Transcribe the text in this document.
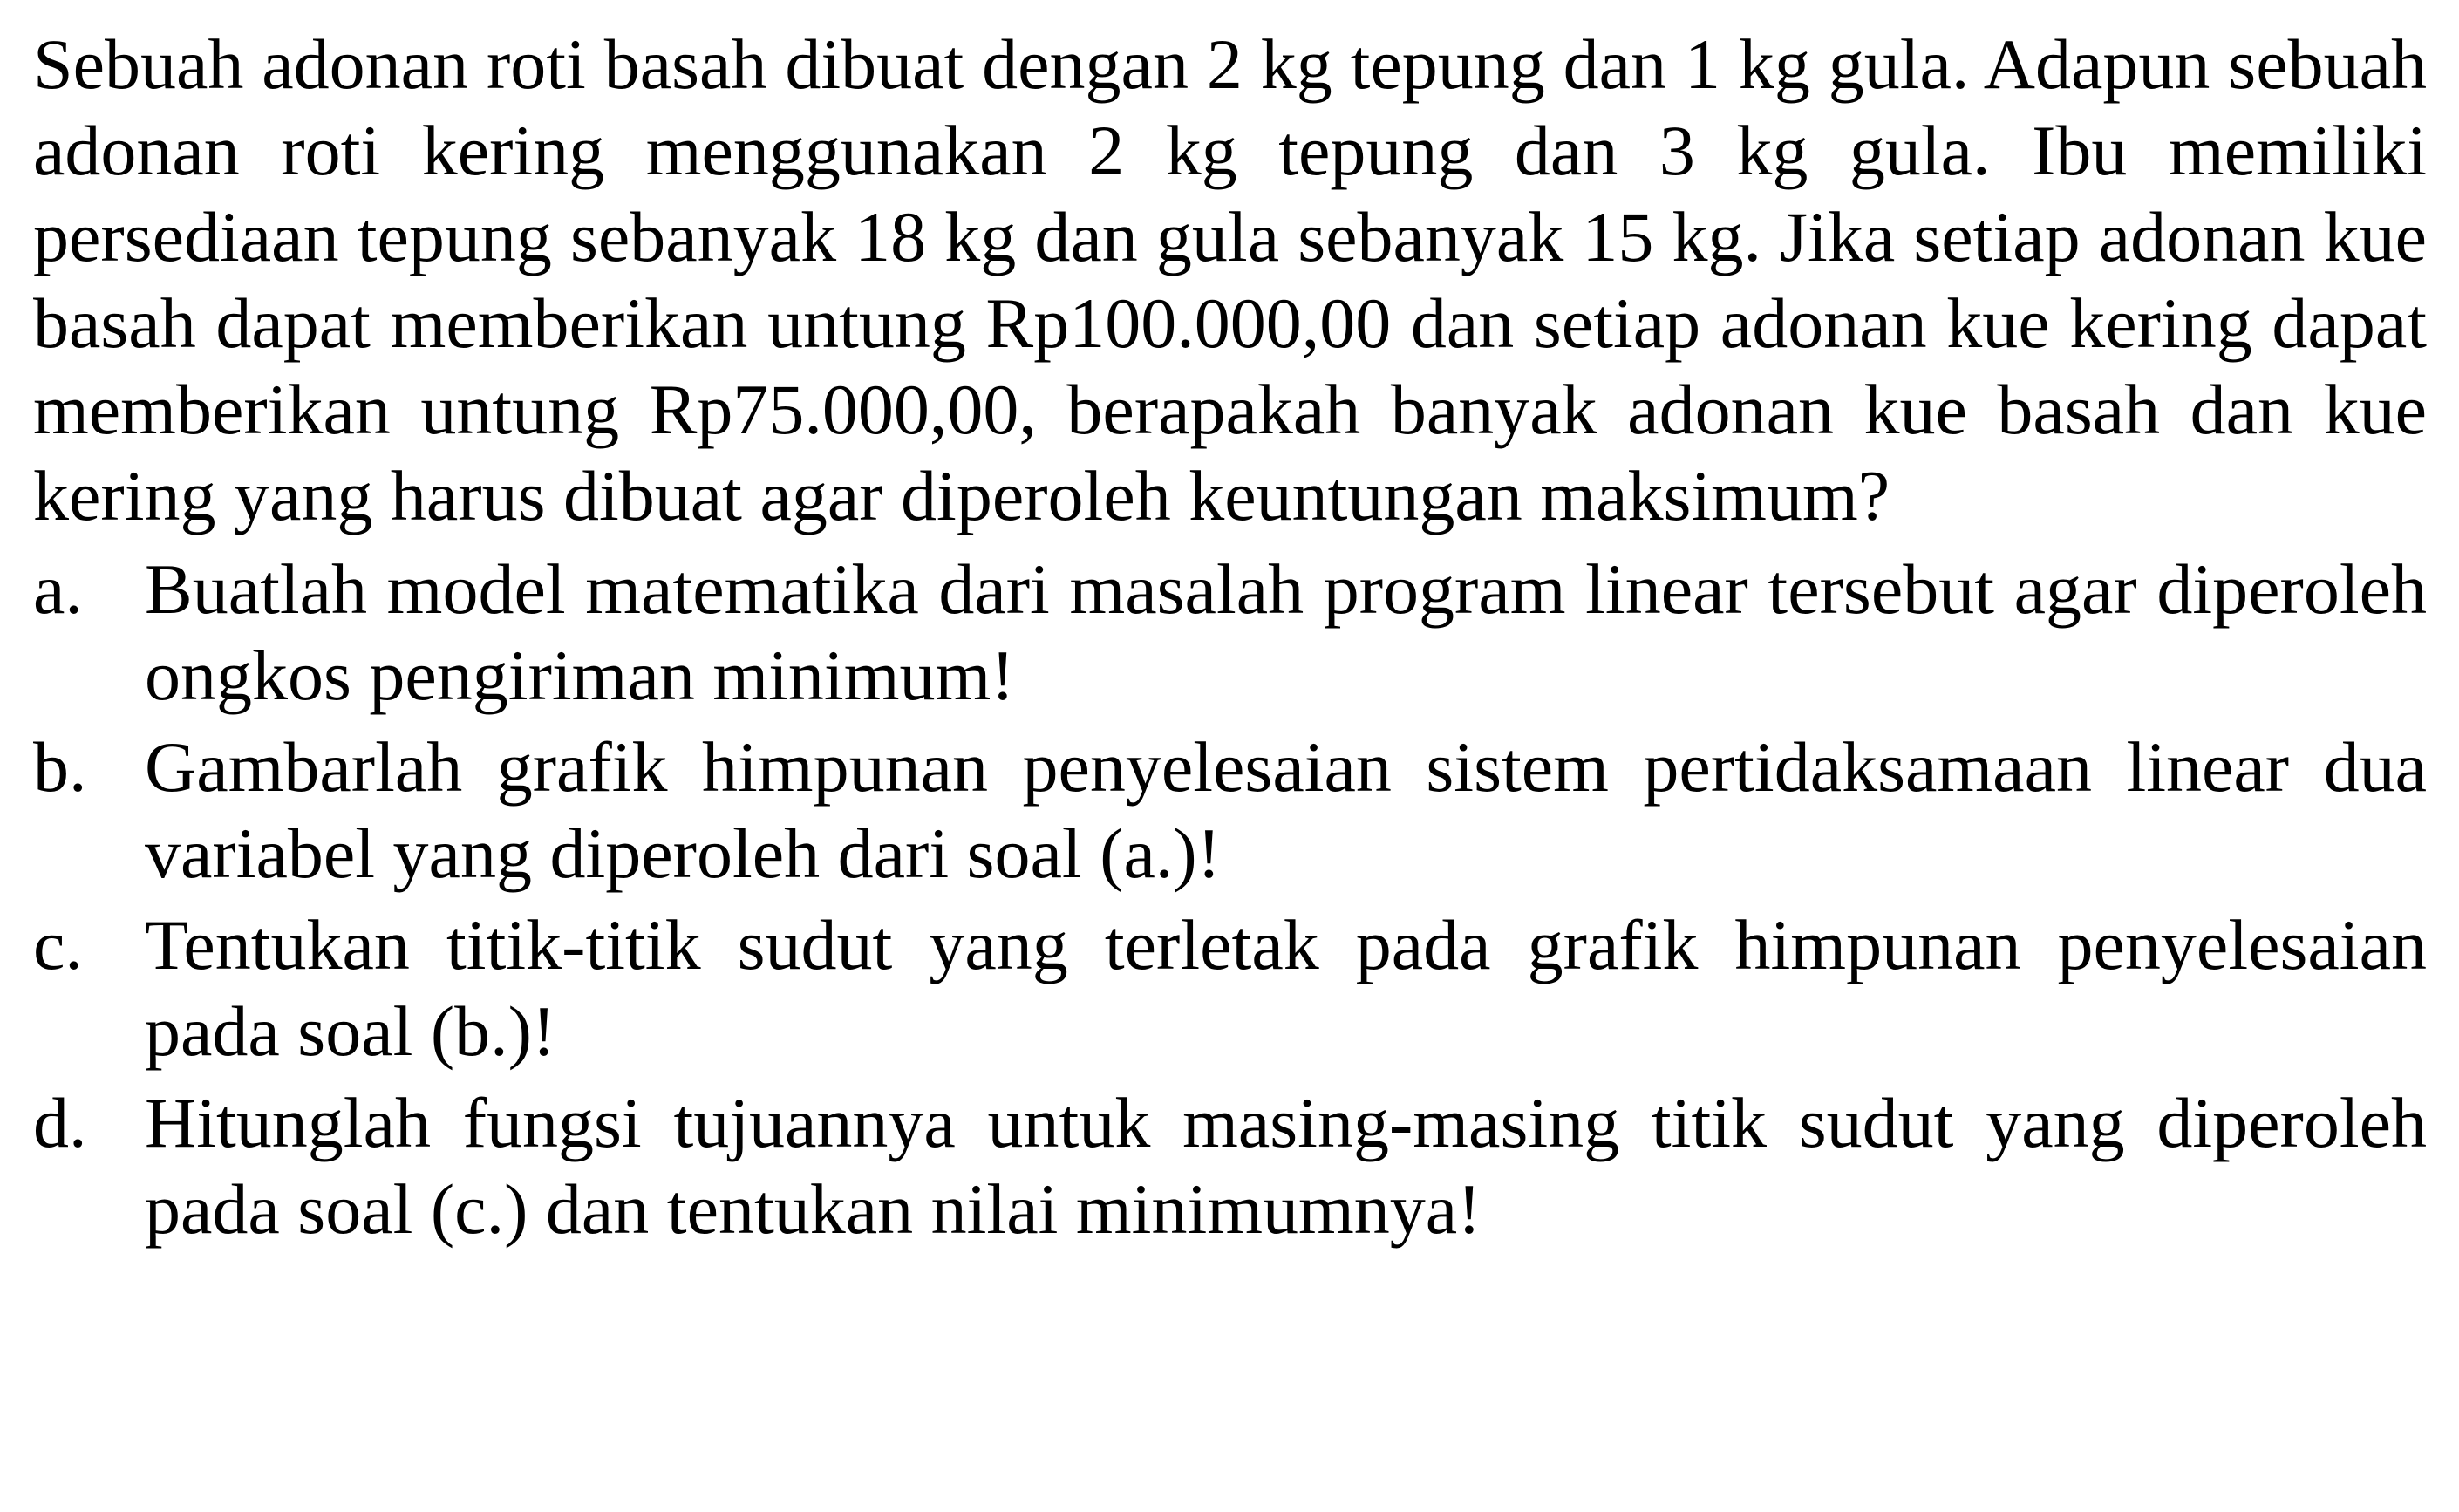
Sebuah adonan roti basah dibuat dengan 2 kg tepung dan 1 kg gula. Adapun sebuah adonan roti kering menggunakan 2 kg tepung dan 3 kg gula. Ibu memiliki persediaan tepung sebanyak 18 kg dan gula sebanyak 15 kg. Jika setiap adonan kue basah dapat memberikan untung Rp100.000,00 dan setiap adonan kue kering dapat memberikan untung Rp75.000,00, berapakah banyak adonan kue basah dan kue kering yang harus dibuat agar diperoleh keuntungan maksimum?

a. Buatlah model matematika dari masalah program linear tersebut agar diperoleh ongkos pengiriman minimum!
b. Gambarlah grafik himpunan penyelesaian sistem pertidaksamaan linear dua variabel yang diperoleh dari soal (a.)!
c. Tentukan titik-titik sudut yang terletak pada grafik himpunan penyelesaian pada soal (b.)!
d. Hitunglah fungsi tujuannya untuk masing-masing titik sudut yang diperoleh pada soal (c.) dan tentukan nilai minimumnya!
